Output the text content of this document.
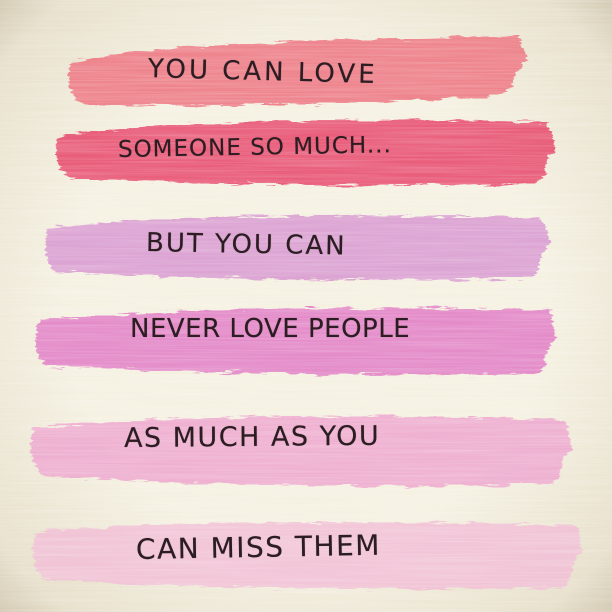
YOU CAN LOVE

SOMEONE SO MUCH...

BUT YOU CAN

NEVER LOVE PEOPLE

AS MUCH AS YOU

CAN MISS THEM
